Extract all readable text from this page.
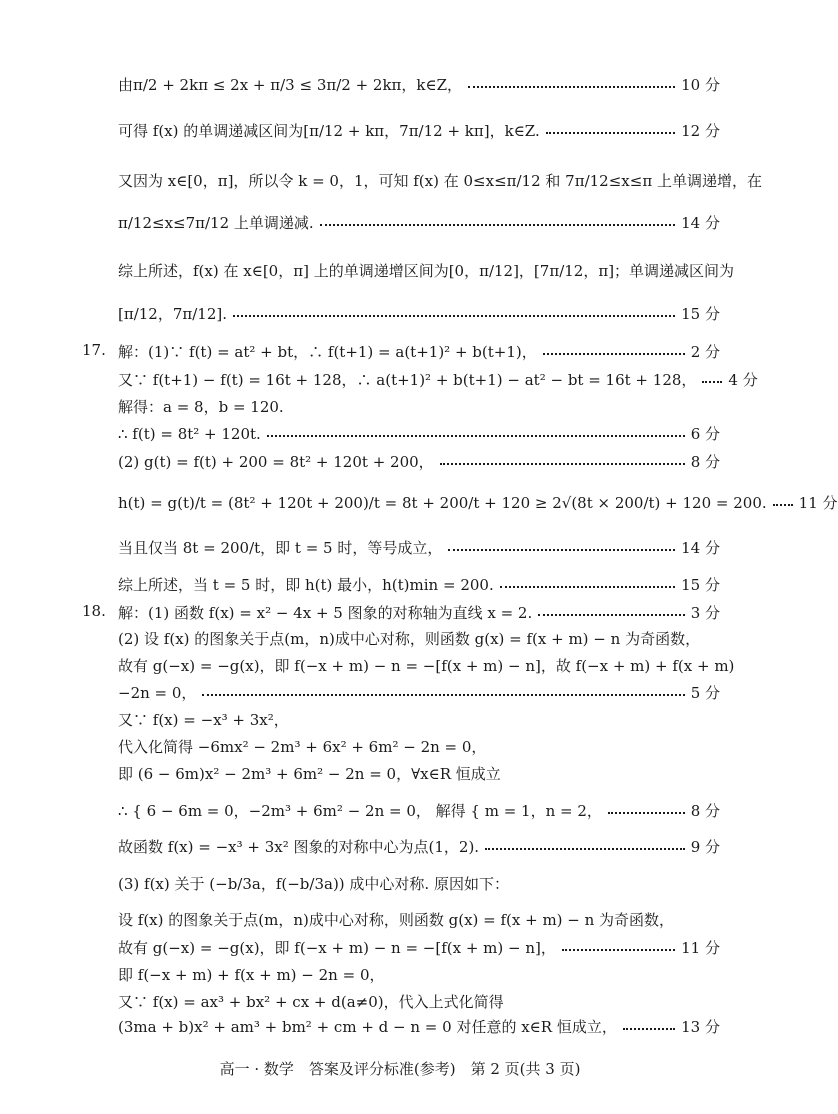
由π/2 + 2kπ ≤ 2x + π/3 ≤ 3π/2 + 2kπ，k∈Z，	10 分
可得 f(x) 的单调递减区间为[π/12 + kπ，7π/12 + kπ]，k∈Z.	12 分
又因为 x∈[0，π]，所以令 k = 0，1，可知 f(x) 在 0≤x≤π/12 和 7π/12≤x≤π 上单调递增，在
π/12≤x≤7π/12 上单调递减.	14 分
综上所述，f(x) 在 x∈[0，π] 上的单调递增区间为[0，π/12]，[7π/12，π]；单调递减区间为
[π/12，7π/12].	15 分
17. 解：(1)∵ f(t) = at² + bt，∴ f(t+1) = a(t+1)² + b(t+1)，	2 分
又∵ f(t+1) − f(t) = 16t + 128，∴ a(t+1)² + b(t+1) − at² − bt = 16t + 128， 4 分
解得：a = 8，b = 120.
∴ f(t) = 8t² + 120t.	6 分
(2) g(t) = f(t) + 200 = 8t² + 120t + 200，	8 分
h(t) = g(t)/t = (8t² + 120t + 200)/t = 8t + 200/t + 120 ≥ 2√(8t × 200/t) + 120 = 200. 11 分
当且仅当 8t = 200/t，即 t = 5 时，等号成立，	14 分
综上所述，当 t = 5 时，即 h(t) 最小，h(t)min = 200.	15 分
18. 解：(1) 函数 f(x) = x² − 4x + 5 图象的对称轴为直线 x = 2.	3 分
(2) 设 f(x) 的图象关于点(m，n)成中心对称，则函数 g(x) = f(x + m) − n 为奇函数，
故有 g(−x) = −g(x)，即 f(−x + m) − n = −[f(x + m) − n]，故 f(−x + m) + f(x + m)
−2n = 0，	5 分
又∵ f(x) = −x³ + 3x²，
代入化简得 −6mx² − 2m³ + 6x² + 6m² − 2n = 0，
即 (6 − 6m)x² − 2m³ + 6m² − 2n = 0，∀x∈R 恒成立
∴ { 6 − 6m = 0，−2m³ + 6m² − 2n = 0， 解得 { m = 1，n = 2，	8 分
故函数 f(x) = −x³ + 3x² 图象的对称中心为点(1，2).	9 分
(3) f(x) 关于 (−b/3a，f(−b/3a)) 成中心对称. 原因如下：
设 f(x) 的图象关于点(m，n)成中心对称，则函数 g(x) = f(x + m) − n 为奇函数，
故有 g(−x) = −g(x)，即 f(−x + m) − n = −[f(x + m) − n]，	11 分
即 f(−x + m) + f(x + m) − 2n = 0，
又∵ f(x) = ax³ + bx² + cx + d(a≠0)，代入上式化简得
(3ma + b)x² + am³ + bm² + cm + d − n = 0 对任意的 x∈R 恒成立，	13 分
高一 · 数学　答案及评分标准(参考)　第 2 页(共 3 页)
